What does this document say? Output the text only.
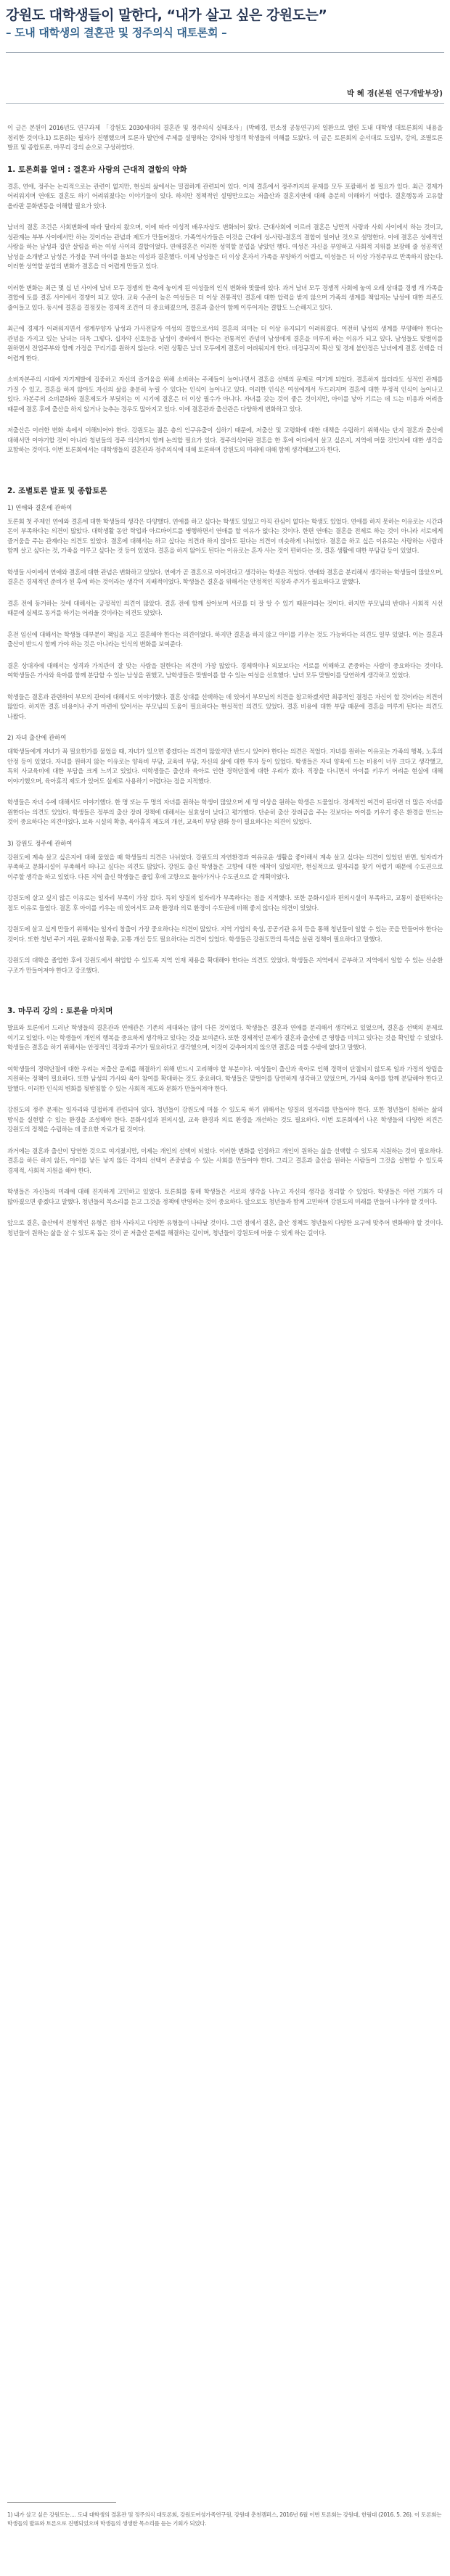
강원도 대학생들이 말한다, “내가 살고 싶은 강원도는”
– 도내 대학생의 결혼관 및 정주의식 대토론회 –
박 혜 경(본원 연구개발부장)

이 글은 본원이 2016년도 연구과제 「강원도 2030세대의 결혼관 및 정주의식 실태조사」(박혜경, 민소정 공동연구)의 일환으로 열린 도내 대학생 대토론회의 내용을 정리한 것이다.1) 토론회는 필자가 진행했으며 토론자 발언에 주제를 설명하는 강의와 방청객 학생들의 이해를 도왔다. 이 글은 토론회의 순서대로 도입부, 강의, 조별토론 발표 및 종합토론, 마무리 강의 순으로 구성하였다.

1. 토론회를 열며 : 결혼과 사랑의 근대적 결합의 약화

결혼, 연애, 정주는 논리적으로는 관련이 없지만, 현실의 삶에서는 밀접하게 관련되어 있다. 이제 결혼에서 정주까지의 문제를 모두 포괄해서 볼 필요가 있다. 최근 경제가 어려워지며 연애도 결혼도 하기 어려워졌다는 이야기들이 있다. 하지만 정책적인 설명만으로는 저출산과 결혼지연에 대해 충분히 이해하기 어렵다. 결혼행동과 고유할 올라판 문화변동을 이해할 필요가 있다.

남녀의 결혼 조건은 사회변화에 따라 달라져 왔으며, 이에 따라 이성적 배우자상도 변화되어 왔다. 근대사회에 이르러 결혼은 낭만적 사랑과 사회 사이에서 하는 것이고, 성관계는 부부 사이에서만 하는 것이라는 관념과 제도가 만들어졌다. 가족역사가들은 이것을 근대에 성-사랑-결혼의 결합이 일어난 것으로 설명한다. 이에 결혼은 성애적인 사랑을 하는 남성과 집안 살림을 하는 여성 사이의 결합이었다. 연애결혼은 이러한 성역할 분업을 낳았던 행다. 여성은 자신을 부양하고 사회적 지위를 보장해 줄 성공적인 남성을 소개받고 남성은 가정을 꾸려 아이를 돌보는 여성과 결혼했다. 이제 남성들은 더 이상 혼자서 가족을 부양하기 어렵고, 여성들은 더 이상 가정주부로 만족하지 않는다. 이러한 성역할 분업의 변화가 결혼을 더 어렵게 만들고 있다.

이러한 변화는 최근 몇 십 년 사이에 남녀 모두 경쟁의 한 축에 놓이게 된 여성들의 인식 변화와 맞물려 있다. 과거 남녀 모두 경쟁적 사회에 놓여 오래 상대를 경쟁 개 가족을 결합에 토를 결혼 사이에서 경쟁이 되고 있다. 교육 수준이 높은 여성들은 더 이상 전통적인 결혼에 대한 압력을 받지 않으며 가족의 생계를 책임지는 남성에 대한 의존도 줄어들고 있다. 동시에 결혼을 결정짓는 경제적 조건이 더 중요해졌으며, 결혼과 출산이 함께 이루어지는 결합도 느슨해지고 있다.

최근에 경제가 어려워지면서 생계부양자 남성과 가사전담자 여성의 결합으로서의 결혼의 의미는 더 이상 유지되기 어려워졌다. 여전히 남성의 생계를 부양해야 한다는 관념을 가지고 있는 남녀는 더욱 그렇다. 십자약 신호등을 남성이 중하에서 한다는 전통적인 관념이 남성에게 결혼을 미루게 하는 이유가 되고 있다. 남성들도 맞벌이를 원하면서 전업주부와 함께 가정을 꾸리기를 원하지 않는다. 이런 상황은 남녀 모두에게 결혼이 어려워지게 한다. 비정규직이 확산 및 경제 불안정은 남녀에게 결혼 선택을 더 어렵게 한다.

소비자본주의 시대에 자기계발에 집중하고 자신의 즐거움을 위해 소비하는 주체들이 늘어나면서 결혼을 선택의 문제로 여기게 되었다. 결혼하지 않더라도 성적인 관계를 가질 수 있고, 결혼을 하지 않아도 자신의 삶을 충분히 누릴 수 있다는 인식이 늘어나고 있다. 이러한 인식은 여성에게서 두드러지며 결혼에 대한 부정적 인식이 늘어나고 있다. 자본주의 소비문화와 결혼제도가 부딪히는 이 시기에 결혼은 더 이상 필수가 아니다. 자녀를 갖는 것이 좋은 것이지만, 아이를 낳아 기르는 데 드는 비용과 어려움 때문에 결혼 후에 출산을 하지 않거나 늦추는 경우도 많아지고 있다. 이에 결혼관과 출산관은 다양하게 변화하고 있다.

저출산은 이러한 변화 속에서 이해되어야 한다. 강원도는 젊은 층의 인구유출이 심하기 때문에, 저출산 및 고령화에 대한 대책을 수립하기 위해서는 단지 결혼과 출산에 대해서만 이야기할 것이 아니라 청년들의 정주 의식까지 함께 논의할 필요가 있다. 정주의식이란 결혼을 한 후에 어디에서 살고 싶은지, 지역에 머물 것인지에 대한 생각을 포함하는 것이다. 이번 토론회에서는 대학생들의 결혼관과 정주의식에 대해 토론하며 강원도의 미래에 대해 함께 생각해보고자 한다.

2. 조별토론 발표 및 종합토론
1) 연애와 결혼에 관하여

토론회 첫 주제인 연애와 결혼에 대한 학생들의 생각은 다양했다. 연애를 하고 싶다는 학생도 있었고 아직 관심이 없다는 학생도 있었다. 연애를 하지 못하는 이유로는 시간과 돈이 부족하다는 의견이 많았다. 대학생활 동안 학업과 아르바이트를 병행하면서 연애를 할 여유가 없다는 것이다. 한편 연애는 결혼을 전제로 하는 것이 아니라 서로에게 즐거움을 주는 관계라는 의견도 있었다. 결혼에 대해서는 하고 싶다는 의견과 하지 않아도 된다는 의견이 비슷하게 나뉘었다. 결혼을 하고 싶은 이유로는 사랑하는 사람과 함께 살고 싶다는 것, 가족을 이루고 싶다는 것 등이 있었다. 결혼을 하지 않아도 된다는 이유로는 혼자 사는 것이 편하다는 것, 결혼 생활에 대한 부담감 등이 있었다.

학생들 사이에서 연애와 결혼에 대한 관념은 변화하고 있었다. 연애가 곧 결혼으로 이어진다고 생각하는 학생은 적었다. 연애와 결혼을 분리해서 생각하는 학생들이 많았으며, 결혼은 경제적인 준비가 된 후에 하는 것이라는 생각이 지배적이었다. 학생들은 결혼을 위해서는 안정적인 직장과 주거가 필요하다고 말했다.

결혼 전에 동거하는 것에 대해서는 긍정적인 의견이 많았다. 결혼 전에 함께 살아보며 서로를 더 잘 알 수 있기 때문이라는 것이다. 하지만 부모님의 반대나 사회적 시선 때문에 실제로 동거를 하기는 어려울 것이라는 의견도 있었다.

혼전 임신에 대해서는 학생들 대부분이 책임을 지고 결혼해야 한다는 의견이었다. 하지만 결혼을 하지 않고 아이를 키우는 것도 가능하다는 의견도 일부 있었다. 이는 결혼과 출산이 반드시 함께 가야 하는 것은 아니라는 인식의 변화를 보여준다.

결혼 상대자에 대해서는 성격과 가치관이 잘 맞는 사람을 원한다는 의견이 가장 많았다. 경제력이나 외모보다는 서로를 이해하고 존중하는 사람이 중요하다는 것이다. 여학생들은 가사와 육아를 함께 분담할 수 있는 남성을 원했고, 남학생들은 맞벌이를 할 수 있는 여성을 선호했다. 남녀 모두 맞벌이를 당연하게 생각하고 있었다.

학생들은 결혼과 관련하여 부모의 관여에 대해서도 이야기했다. 결혼 상대를 선택하는 데 있어서 부모님의 의견을 참고하겠지만 최종적인 결정은 자신이 할 것이라는 의견이 많았다. 하지만 결혼 비용이나 주거 마련에 있어서는 부모님의 도움이 필요하다는 현실적인 의견도 있었다. 결혼 비용에 대한 부담 때문에 결혼을 미루게 된다는 의견도 나왔다.

2) 자녀 출산에 관하여

대학생들에게 자녀가 꼭 필요한가를 물었을 때, 자녀가 있으면 좋겠다는 의견이 많았지만 반드시 있어야 한다는 의견은 적었다. 자녀를 원하는 이유로는 가족의 행복, 노후의 안정 등이 있었다. 자녀를 원하지 않는 이유로는 양육비 부담, 교육비 부담, 자신의 삶에 대한 투자 등이 있었다. 학생들은 자녀 양육에 드는 비용이 너무 크다고 생각했고, 특히 사교육비에 대한 부담을 크게 느끼고 있었다. 여학생들은 출산과 육아로 인한 경력단절에 대한 우려가 컸다. 직장을 다니면서 아이를 키우기 어려운 현실에 대해 이야기했으며, 육아휴직 제도가 있어도 실제로 사용하기 어렵다는 점을 지적했다.

학생들은 자녀 수에 대해서도 이야기했다. 한 명 또는 두 명의 자녀를 원하는 학생이 많았으며 세 명 이상을 원하는 학생은 드물었다. 경제적인 여건이 된다면 더 많은 자녀를 원한다는 의견도 있었다. 학생들은 정부의 출산 장려 정책에 대해서는 실효성이 낮다고 평가했다. 단순히 출산 장려금을 주는 것보다는 아이를 키우기 좋은 환경을 만드는 것이 중요하다는 의견이었다. 보육 시설의 확충, 육아휴직 제도의 개선, 교육비 부담 완화 등이 필요하다는 의견이 있었다.

3) 강원도 정주에 관하여

강원도에 계속 살고 싶은지에 대해 물었을 때 학생들의 의견은 나뉘었다. 강원도의 자연환경과 여유로운 생활을 좋아해서 계속 살고 싶다는 의견이 있었던 반면, 일자리가 부족하고 문화시설이 부족해서 떠나고 싶다는 의견도 많았다. 강원도 출신 학생들은 고향에 대한 애착이 있었지만, 현실적으로 일자리를 찾기 어렵기 때문에 수도권으로 이주할 생각을 하고 있었다. 다른 지역 출신 학생들은 졸업 후에 고향으로 돌아가거나 수도권으로 갈 계획이었다.

강원도에 살고 싶지 않은 이유로는 일자리 부족이 가장 컸다. 특히 양질의 일자리가 부족하다는 점을 지적했다. 또한 문화시설과 편의시설이 부족하고, 교통이 불편하다는 점도 이유로 들었다. 결혼 후 아이를 키우는 데 있어서도 교육 환경과 의료 환경이 수도권에 비해 좋지 않다는 의견이 있었다.

강원도에 살고 싶게 만들기 위해서는 일자리 창출이 가장 중요하다는 의견이 많았다. 지역 기업의 육성, 공공기관 유치 등을 통해 청년들이 일할 수 있는 곳을 만들어야 한다는 것이다. 또한 청년 주거 지원, 문화시설 확충, 교통 개선 등도 필요하다는 의견이 있었다. 학생들은 강원도만의 특색을 살린 정책이 필요하다고 말했다.

강원도의 대학을 졸업한 후에 강원도에서 취업할 수 있도록 지역 인재 채용을 확대해야 한다는 의견도 있었다. 학생들은 지역에서 공부하고 지역에서 일할 수 있는 선순환 구조가 만들어져야 한다고 강조했다.

3. 마무리 강의 : 토론을 마치며

발표와 토론에서 드러난 학생들의 결혼관과 연애관은 기존의 세대와는 많이 다른 것이었다. 학생들은 결혼과 연애를 분리해서 생각하고 있었으며, 결혼을 선택의 문제로 여기고 있었다. 이는 학생들이 개인의 행복을 중요하게 생각하고 있다는 것을 보여준다. 또한 경제적인 문제가 결혼과 출산에 큰 영향을 미치고 있다는 것을 확인할 수 있었다. 학생들은 결혼을 하기 위해서는 안정적인 직장과 주거가 필요하다고 생각했으며, 이것이 갖추어지지 않으면 결혼을 미룰 수밖에 없다고 말했다.

여학생들의 경력단절에 대한 우려는 저출산 문제를 해결하기 위해 반드시 고려해야 할 부분이다. 여성들이 출산과 육아로 인해 경력이 단절되지 않도록 일과 가정의 양립을 지원하는 정책이 필요하다. 또한 남성의 가사와 육아 참여를 확대하는 것도 중요하다. 학생들은 맞벌이를 당연하게 생각하고 있었으며, 가사와 육아를 함께 분담해야 한다고 말했다. 이러한 인식의 변화를 뒷받침할 수 있는 사회적 제도와 문화가 만들어져야 한다.

강원도의 정주 문제는 일자리와 밀접하게 관련되어 있다. 청년들이 강원도에 머물 수 있도록 하기 위해서는 양질의 일자리를 만들어야 한다. 또한 청년들이 원하는 삶의 방식을 실현할 수 있는 환경을 조성해야 한다. 문화시설과 편의시설, 교육 환경과 의료 환경을 개선하는 것도 필요하다. 이번 토론회에서 나온 학생들의 다양한 의견은 강원도의 정책을 수립하는 데 중요한 자료가 될 것이다.

과거에는 결혼과 출산이 당연한 것으로 여겨졌지만, 이제는 개인의 선택이 되었다. 이러한 변화를 인정하고 개인이 원하는 삶을 선택할 수 있도록 지원하는 것이 필요하다. 결혼을 하든 하지 않든, 아이를 낳든 낳지 않든 각자의 선택이 존중받을 수 있는 사회를 만들어야 한다. 그리고 결혼과 출산을 원하는 사람들이 그것을 실현할 수 있도록 경제적, 사회적 지원을 해야 한다.

학생들은 자신들의 미래에 대해 진지하게 고민하고 있었다. 토론회를 통해 학생들은 서로의 생각을 나누고 자신의 생각을 정리할 수 있었다. 학생들은 이런 기회가 더 많아졌으면 좋겠다고 말했다. 청년들의 목소리를 듣고 그것을 정책에 반영하는 것이 중요하다. 앞으로도 청년들과 함께 고민하며 강원도의 미래를 만들어 나가야 할 것이다.

앞으로 결혼, 출산에서 전형적인 유형은 점차 사라지고 다양한 유형들이 나타날 것이다. 그런 점에서 결혼, 출산 정책도 청년들의 다양한 요구에 맞추어 변화해야 할 것이다. 청년들이 원하는 삶을 살 수 있도록 돕는 것이 곧 저출산 문제를 해결하는 길이며, 청년들이 강원도에 머물 수 있게 하는 길이다.

1) 내가 살고 싶은 강원도는.... 도내 대학생의 결혼관 및 정주의식 대토론회, 강원도여성가족연구원, 강원대 춘천캠퍼스, 2016년 6월 이번 토론회는 강원대, 한림대 (2016. 5. 26). 이 토론회는 학생들의 발표와 토론으로 진행되었으며 학생들의 생생한 목소리를 듣는 기회가 되었다.
